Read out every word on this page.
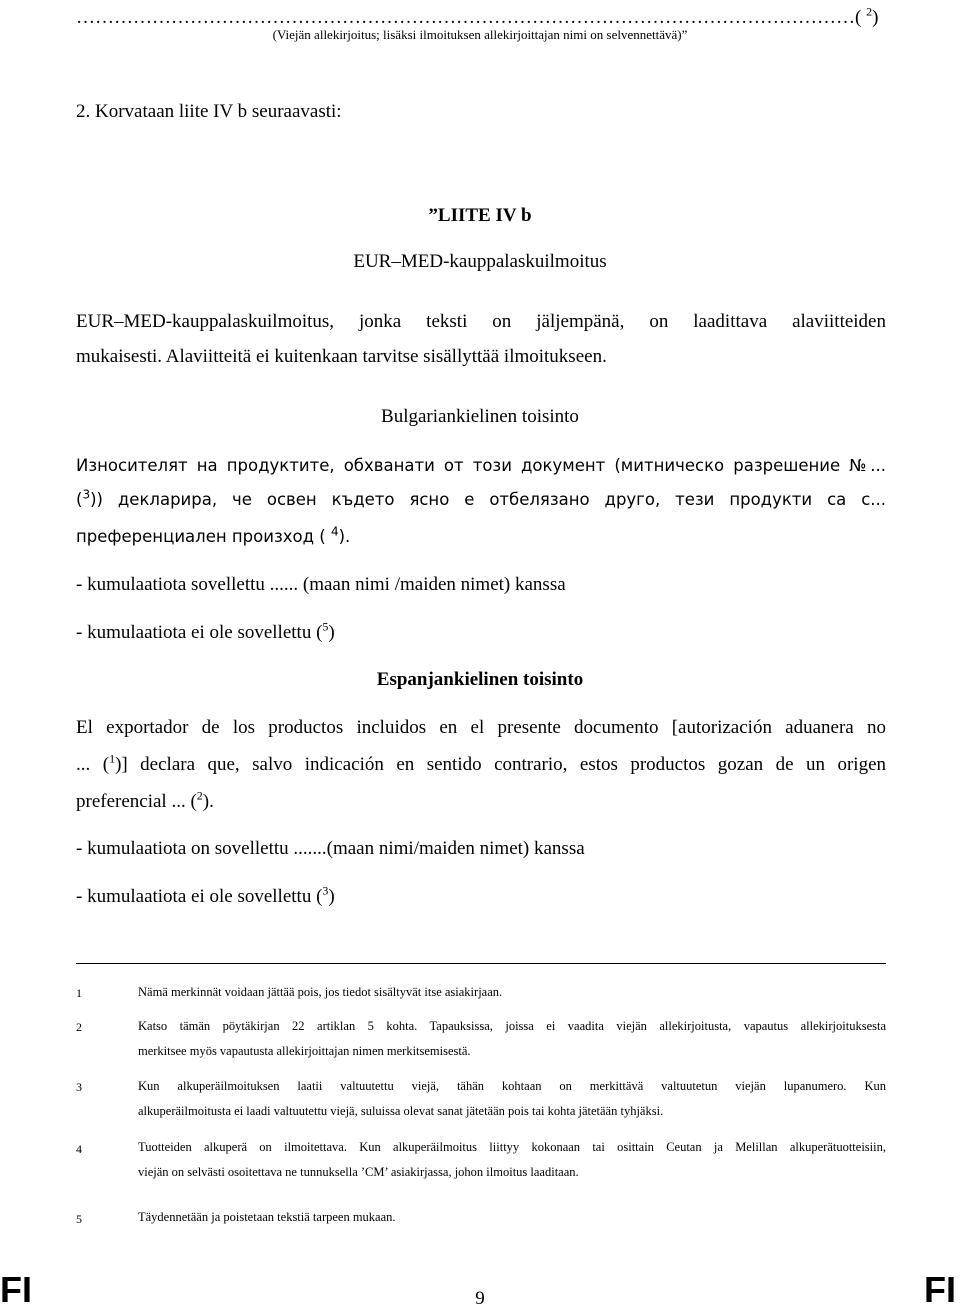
……………………………………………………………………………………………………………( $^2$)
(Viejän allekirjoitus; lisäksi ilmoituksen allekirjoittajan nimi on selvennettävä)”
2. Korvataan liite IV b seuraavasti:
”LIITE IV b
EUR–MED-kauppalaskuilmoitus
EUR–MED-kauppalaskuilmoitus, jonka teksti on jäljempänä, on laadittava alaviitteiden
mukaisesti. Alaviitteitä ei kuitenkaan tarvitse sisällyttää ilmoitukseen.
Bulgariankielinen toisinto
Износителят на продуктите, обхванати от този документ (митническо разрешение №...
($^3$)) декларира, че освен където ясно е отбелязано друго, тези продукти са с...
преференциален произход ( $^4$).
- kumulaatiota sovellettu ...... (maan nimi /maiden nimet) kanssa
- kumulaatiota ei ole sovellettu ($^5$)
Espanjankielinen toisinto
El exportador de los productos incluidos en el presente documento [autorización aduanera no
... ($^1$)] declara que, salvo indicación en sentido contrario, estos productos gozan de un origen
preferencial ... ($^2$).
- kumulaatiota on sovellettu .......(maan nimi/maiden nimet) kanssa
- kumulaatiota ei ole sovellettu ($^3$)
1	Nämä merkinnät voidaan jättää pois, jos tiedot sisältyvät itse asiakirjaan.
2	Katso tämän pöytäkirjan 22 artiklan 5 kohta. Tapauksissa, joissa ei vaadita viejän allekirjoitusta, vapautus allekirjoituksesta
merkitsee myös vapautusta allekirjoittajan nimen merkitsemisestä.
3	Kun alkuperäilmoituksen laatii valtuutettu viejä, tähän kohtaan on merkittävä valtuutetun viejän lupanumero. Kun
alkuperäilmoitusta ei laadi valtuutettu viejä, suluissa olevat sanat jätetään pois tai kohta jätetään tyhjäksi.
4	Tuotteiden alkuperä on ilmoitettava. Kun alkuperäilmoitus liittyy kokonaan tai osittain Ceutan ja Melillan alkuperätuotteisiin,
viejän on selvästi osoitettava ne tunnuksella ’CM’ asiakirjassa, johon ilmoitus laaditaan.
5	Täydennetään ja poistetaan tekstiä tarpeen mukaan.
FI	9	FI
